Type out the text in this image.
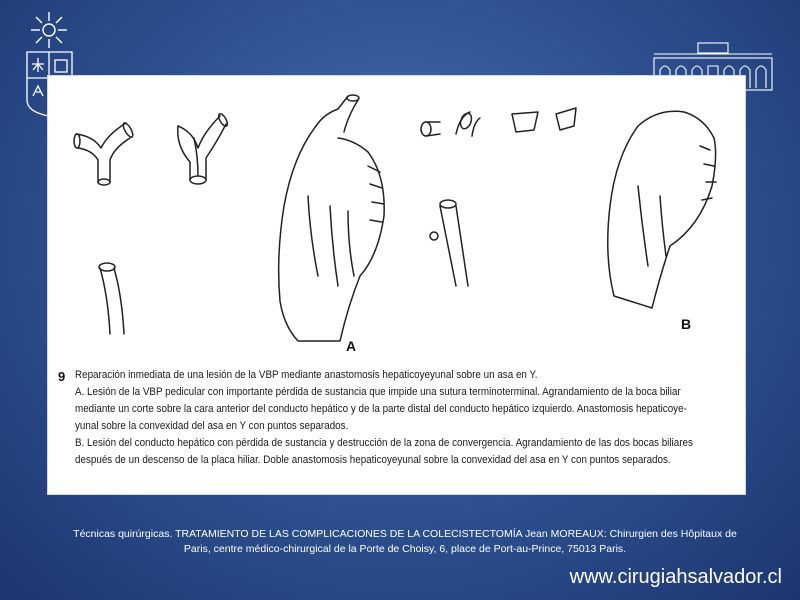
A
B
9 Reparación inmediata de una lesión de la VBP mediante anastomosis hepaticoyeyunal sobre un asa en Y.

A. Lesión de la VBP pedicular con importante pérdida de sustancia que impide una sutura terminoterminal. Agrandamiento de la boca biliar

mediante un corte sobre la cara anterior del conducto hepático y de la parte distal del conducto hepático izquierdo. Anastomosis hepaticoye-

yunal sobre la convexidad del asa en Y con puntos separados.

B. Lesión del conducto hepático con pérdida de sustancia y destrucción de la zona de convergencia. Agrandamiento de las dos bocas biliares

después de un descenso de la placa hiliar. Doble anastomosis hepaticoyeyunal sobre la convexidad del asa en Y con puntos separados.

Técnicas quirúrgicas. TRATAMIENTO DE LAS COMPLICACIONES DE LA COLECISTECTOMÍA Jean MOREAUX: Chirurgien des Hôpitaux de
Paris, centre médico-chirurgical de la Porte de Choisy, 6, place de Port-au-Prince, 75013 Paris.
www.cirugiahsalvador.cl
